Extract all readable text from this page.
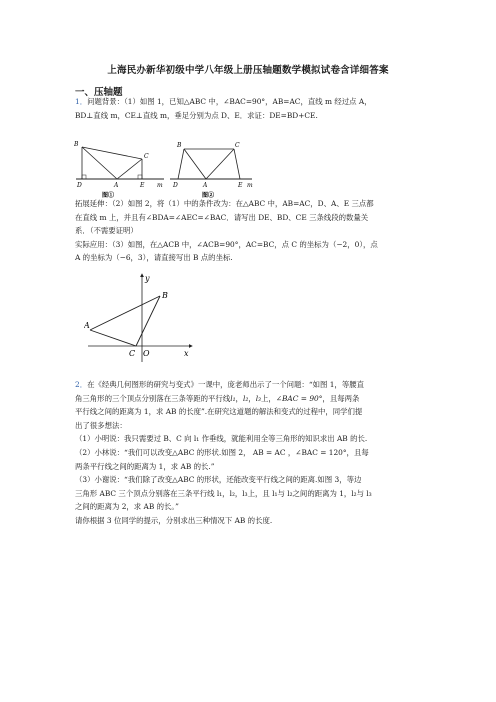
上海民办新华初级中学八年级上册压轴题数学模拟试卷含详细答案
一、压轴题
1．问题背景：（1）如图 1，已知△ABC 中，∠BAC=90°，AB=AC，直线 m 经过点 A，
BD⊥直线 m，CE⊥直线 m，垂足分别为点 D、E．求证：DE=BD+CE.
B
C
D	A	E m
图①
B	C
D	A	E m
图②
拓展延伸：（2）如图 2，将（1）中的条件改为：在△ABC 中，AB=AC，D、A、E 三点都
在直线 m 上，并且有∠BDA=∠AEC=∠BAC．请写出 DE、BD、CE 三条线段的数量关
系．（不需要证明）
实际应用：（3）如图，在△ACB 中，∠ACB=90°，AC=BC，点 C 的坐标为（−2，0），点
A 的坐标为（−6，3），请直接写出 B 点的坐标.
y
B
A
C O	x
2．在《经典几何图形的研究与变式》一课中，庞老师出示了一个问题：“如图 1，等腰直
角三角形的三个顶点分别落在三条等距的平行线l₁，l₂，l₃上，∠BAC = 90°，且每两条
平行线之间的距离为 1，求 AB 的长度”.在研究这道题的解法和变式的过程中，同学们提
出了很多想法：
（1）小明说：我只需要过 B、C 向 l₁ 作垂线，就能利用全等三角形的知识求出 AB 的长.
（2）小林说：“我们可以改变△ABC 的形状.如图 2， AB = AC ，∠BAC = 120°，且每
两条平行线之间的距离为 1，求 AB 的长.”
（3）小谢说：“我们除了改变△ABC 的形状，还能改变平行线之间的距离.如图 3，等边
三角形 ABC 三个顶点分别落在三条平行线 l₁，l₂，l₃上，且 l₁与 l₂之间的距离为 1，l₂与 l₃
之间的距离为 2，求 AB 的长。”
请你根据 3 位同学的提示，分别求出三种情况下 AB 的长度.
